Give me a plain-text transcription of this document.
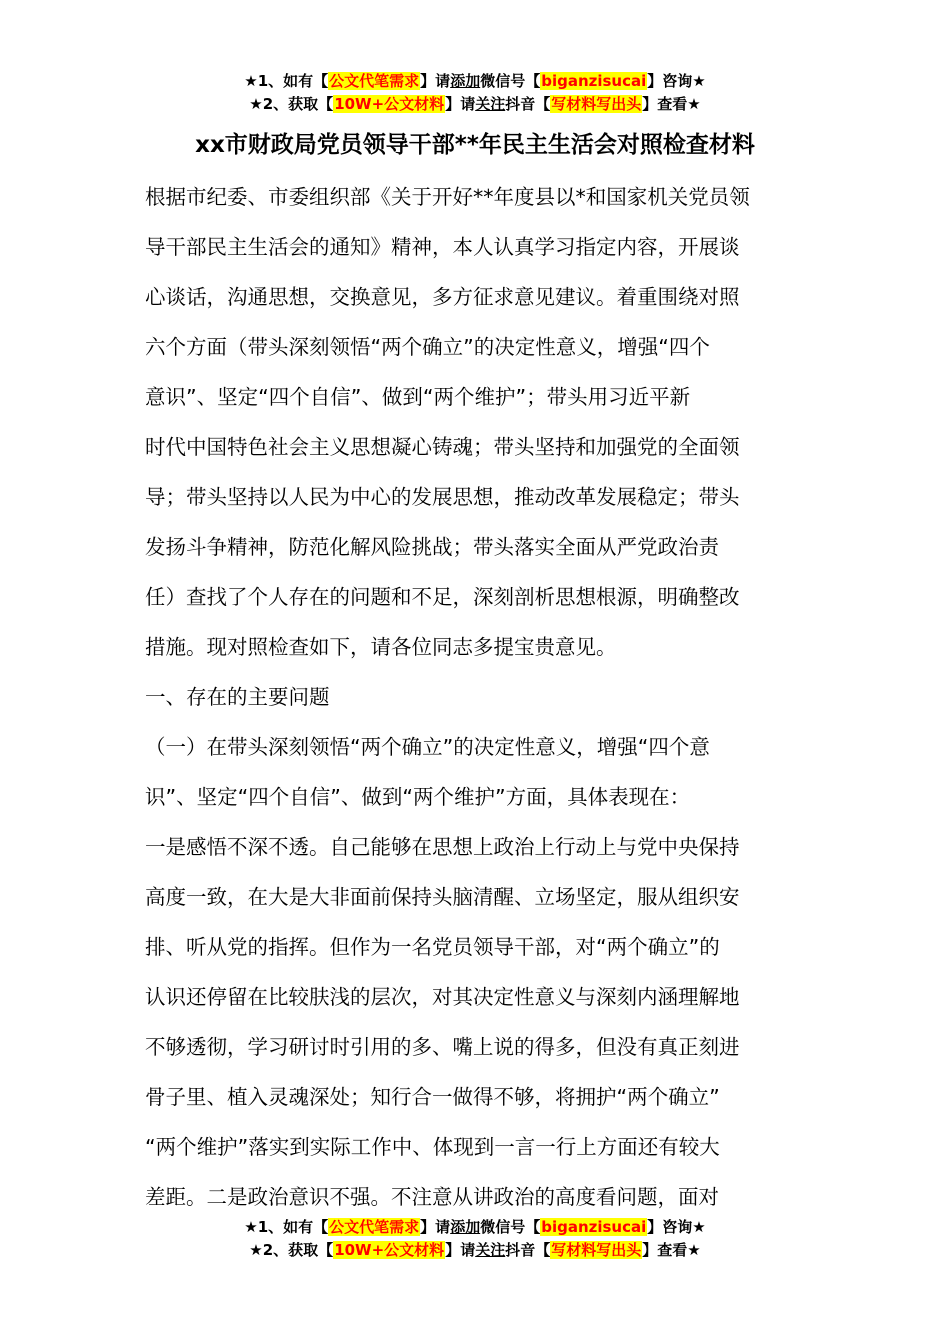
★1、如有【公文代笔需求】请添加微信号【biganzisucai】咨询★
★2、获取【10W+公文材料】请关注抖音【写材料写出头】查看★
xx市财政局党员领导干部**年民主生活会对照检查材料
根据市纪委、市委组织部《关于开好**年度县以*和国家机关党员领
导干部民主生活会的通知》精神，本人认真学习指定内容，开展谈
心谈话，沟通思想，交换意见，多方征求意见建议。着重围绕对照
六个方面（带头深刻领悟“两个确立”的决定性意义，增强“四个
意识”、坚定“四个自信”、做到“两个维护”；带头用习近平新
时代中国特色社会主义思想凝心铸魂；带头坚持和加强党的全面领
导；带头坚持以人民为中心的发展思想，推动改革发展稳定；带头
发扬斗争精神，防范化解风险挑战；带头落实全面从严党政治责
任）查找了个人存在的问题和不足，深刻剖析思想根源，明确整改
措施。现对照检查如下，请各位同志多提宝贵意见。
一、存在的主要问题
（一）在带头深刻领悟“两个确立”的决定性意义，增强“四个意
识”、坚定“四个自信”、做到“两个维护”方面，具体表现在：
一是感悟不深不透。自己能够在思想上政治上行动上与党中央保持
高度一致，在大是大非面前保持头脑清醒、立场坚定，服从组织安
排、听从党的指挥。但作为一名党员领导干部，对“两个确立”的
认识还停留在比较肤浅的层次，对其决定性意义与深刻内涵理解地
不够透彻，学习研讨时引用的多、嘴上说的得多，但没有真正刻进
骨子里、植入灵魂深处；知行合一做得不够，将拥护“两个确立”
“两个维护”落实到实际工作中、体现到一言一行上方面还有较大
差距。二是政治意识不强。不注意从讲政治的高度看问题，面对
★1、如有【公文代笔需求】请添加微信号【biganzisucai】咨询★
★2、获取【10W+公文材料】请关注抖音【写材料写出头】查看★
